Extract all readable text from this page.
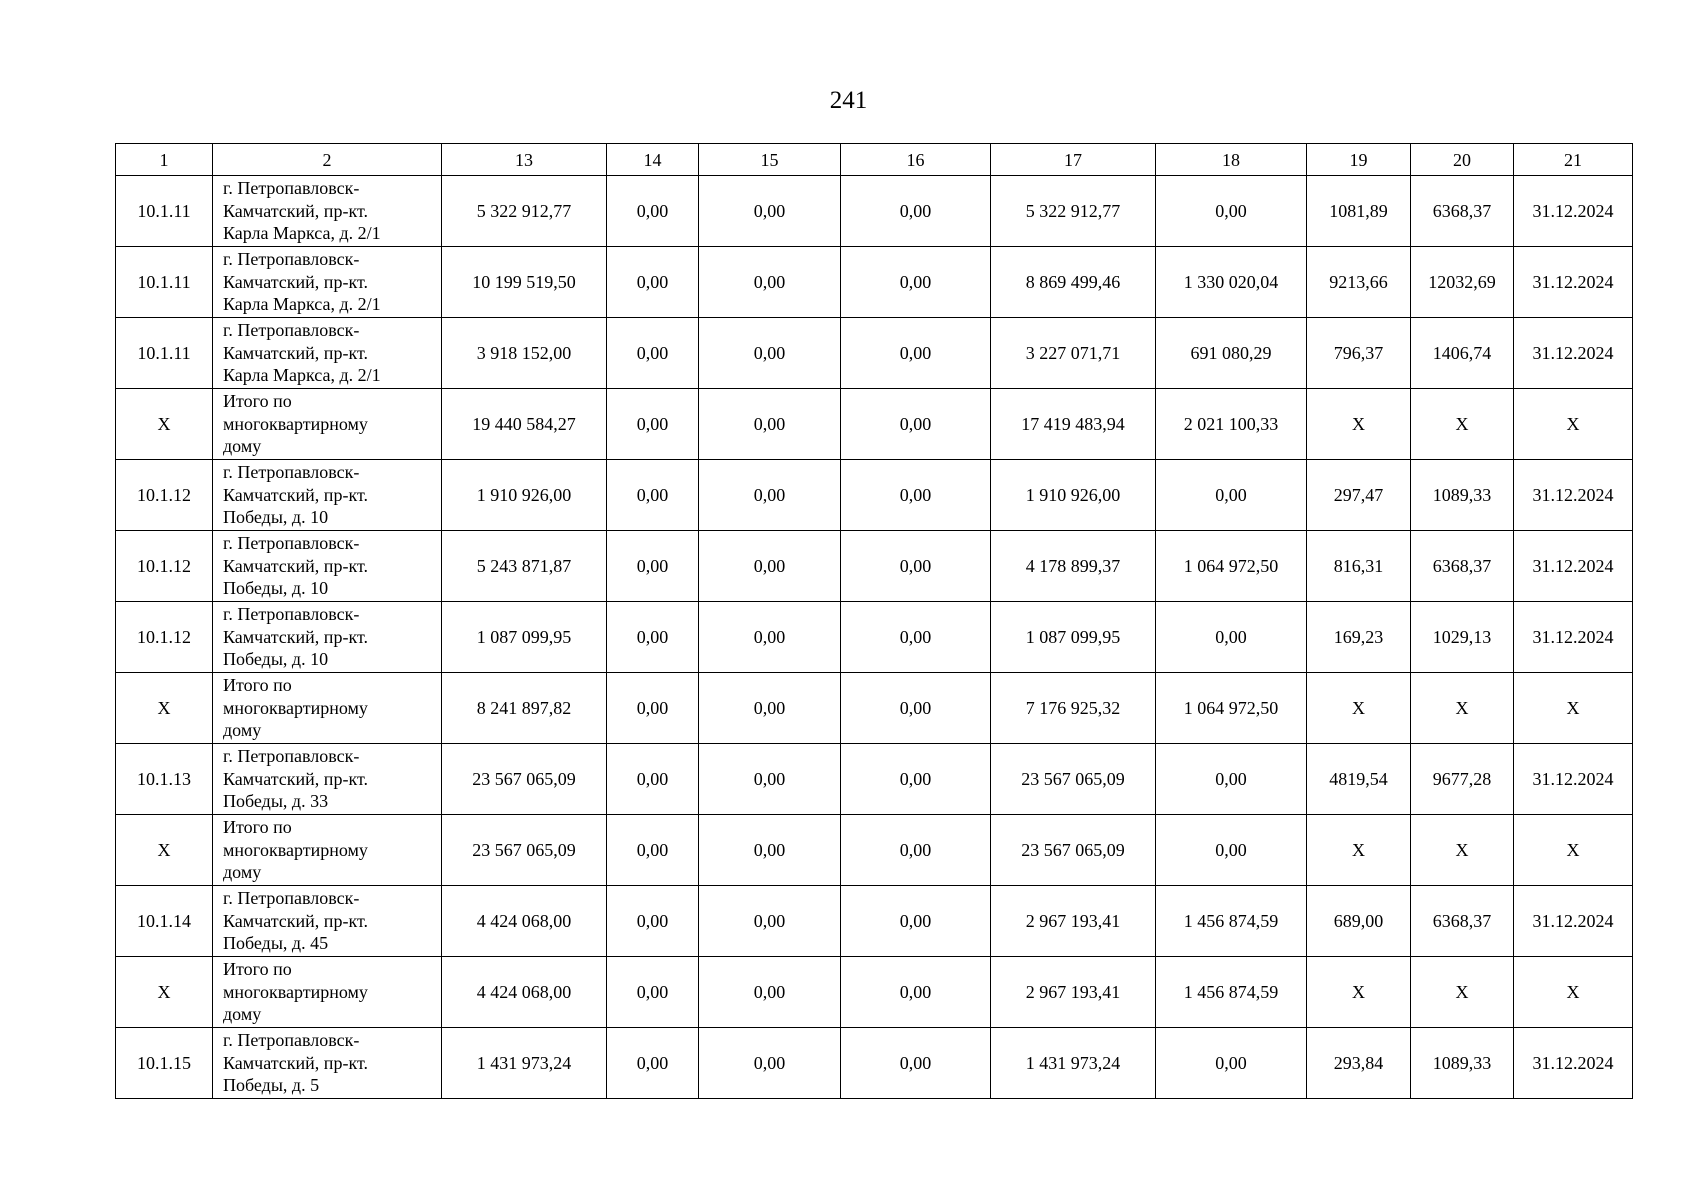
241
1	2	13	14	15	16	17	18	19	20	21
10.1.11	г. Петропавловск-
Камчатский, пр-кт.
Карла Маркса, д. 2/1	5 322 912,77	0,00	0,00	0,00	5 322 912,77	0,00	1081,89	6368,37	31.12.2024
10.1.11	г. Петропавловск-
Камчатский, пр-кт.
Карла Маркса, д. 2/1	10 199 519,50	0,00	0,00	0,00	8 869 499,46	1 330 020,04	9213,66	12032,69	31.12.2024
10.1.11	г. Петропавловск-
Камчатский, пр-кт.
Карла Маркса, д. 2/1	3 918 152,00	0,00	0,00	0,00	3 227 071,71	691 080,29	796,37	1406,74	31.12.2024
X	Итого по
многоквартирному
дому	19 440 584,27	0,00	0,00	0,00	17 419 483,94	2 021 100,33	X	X	X
10.1.12	г. Петропавловск-
Камчатский, пр-кт.
Победы, д. 10	1 910 926,00	0,00	0,00	0,00	1 910 926,00	0,00	297,47	1089,33	31.12.2024
10.1.12	г. Петропавловск-
Камчатский, пр-кт.
Победы, д. 10	5 243 871,87	0,00	0,00	0,00	4 178 899,37	1 064 972,50	816,31	6368,37	31.12.2024
10.1.12	г. Петропавловск-
Камчатский, пр-кт.
Победы, д. 10	1 087 099,95	0,00	0,00	0,00	1 087 099,95	0,00	169,23	1029,13	31.12.2024
X	Итого по
многоквартирному
дому	8 241 897,82	0,00	0,00	0,00	7 176 925,32	1 064 972,50	X	X	X
10.1.13	г. Петропавловск-
Камчатский, пр-кт.
Победы, д. 33	23 567 065,09	0,00	0,00	0,00	23 567 065,09	0,00	4819,54	9677,28	31.12.2024
X	Итого по
многоквартирному
дому	23 567 065,09	0,00	0,00	0,00	23 567 065,09	0,00	X	X	X
10.1.14	г. Петропавловск-
Камчатский, пр-кт.
Победы, д. 45	4 424 068,00	0,00	0,00	0,00	2 967 193,41	1 456 874,59	689,00	6368,37	31.12.2024
X	Итого по
многоквартирному
дому	4 424 068,00	0,00	0,00	0,00	2 967 193,41	1 456 874,59	X	X	X
10.1.15	г. Петропавловск-
Камчатский, пр-кт.
Победы, д. 5	1 431 973,24	0,00	0,00	0,00	1 431 973,24	0,00	293,84	1089,33	31.12.2024
